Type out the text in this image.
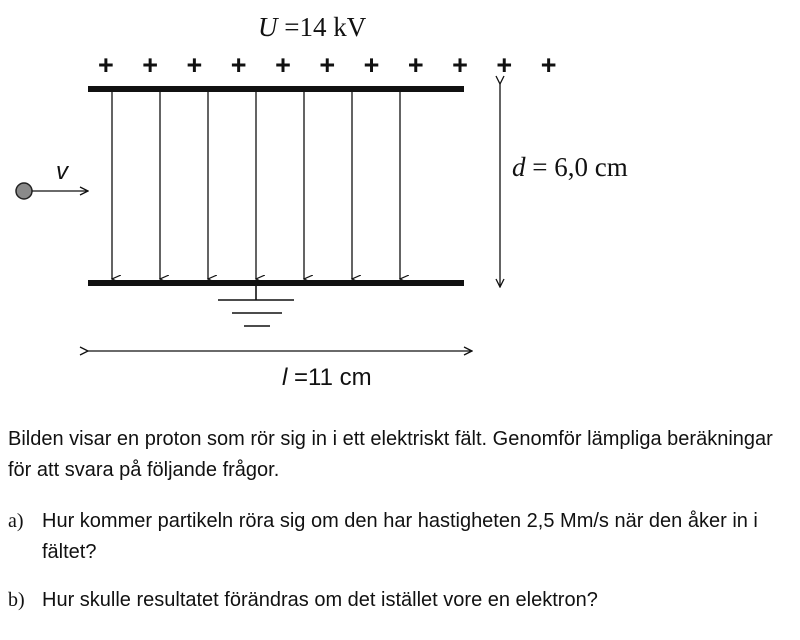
U =14 kV
+ + + + + + + + + + +
d = 6,0 cm
v
l =11 cm
Bilden visar en proton som rör sig in i ett elektriskt fält. Genomför lämpliga beräkningar för att svara på följande frågor.
a) Hur kommer partikeln röra sig om den har hastigheten 2,5 Mm/s när den åker in i fältet?
b) Hur skulle resultatet förändras om det istället vore en elektron?
